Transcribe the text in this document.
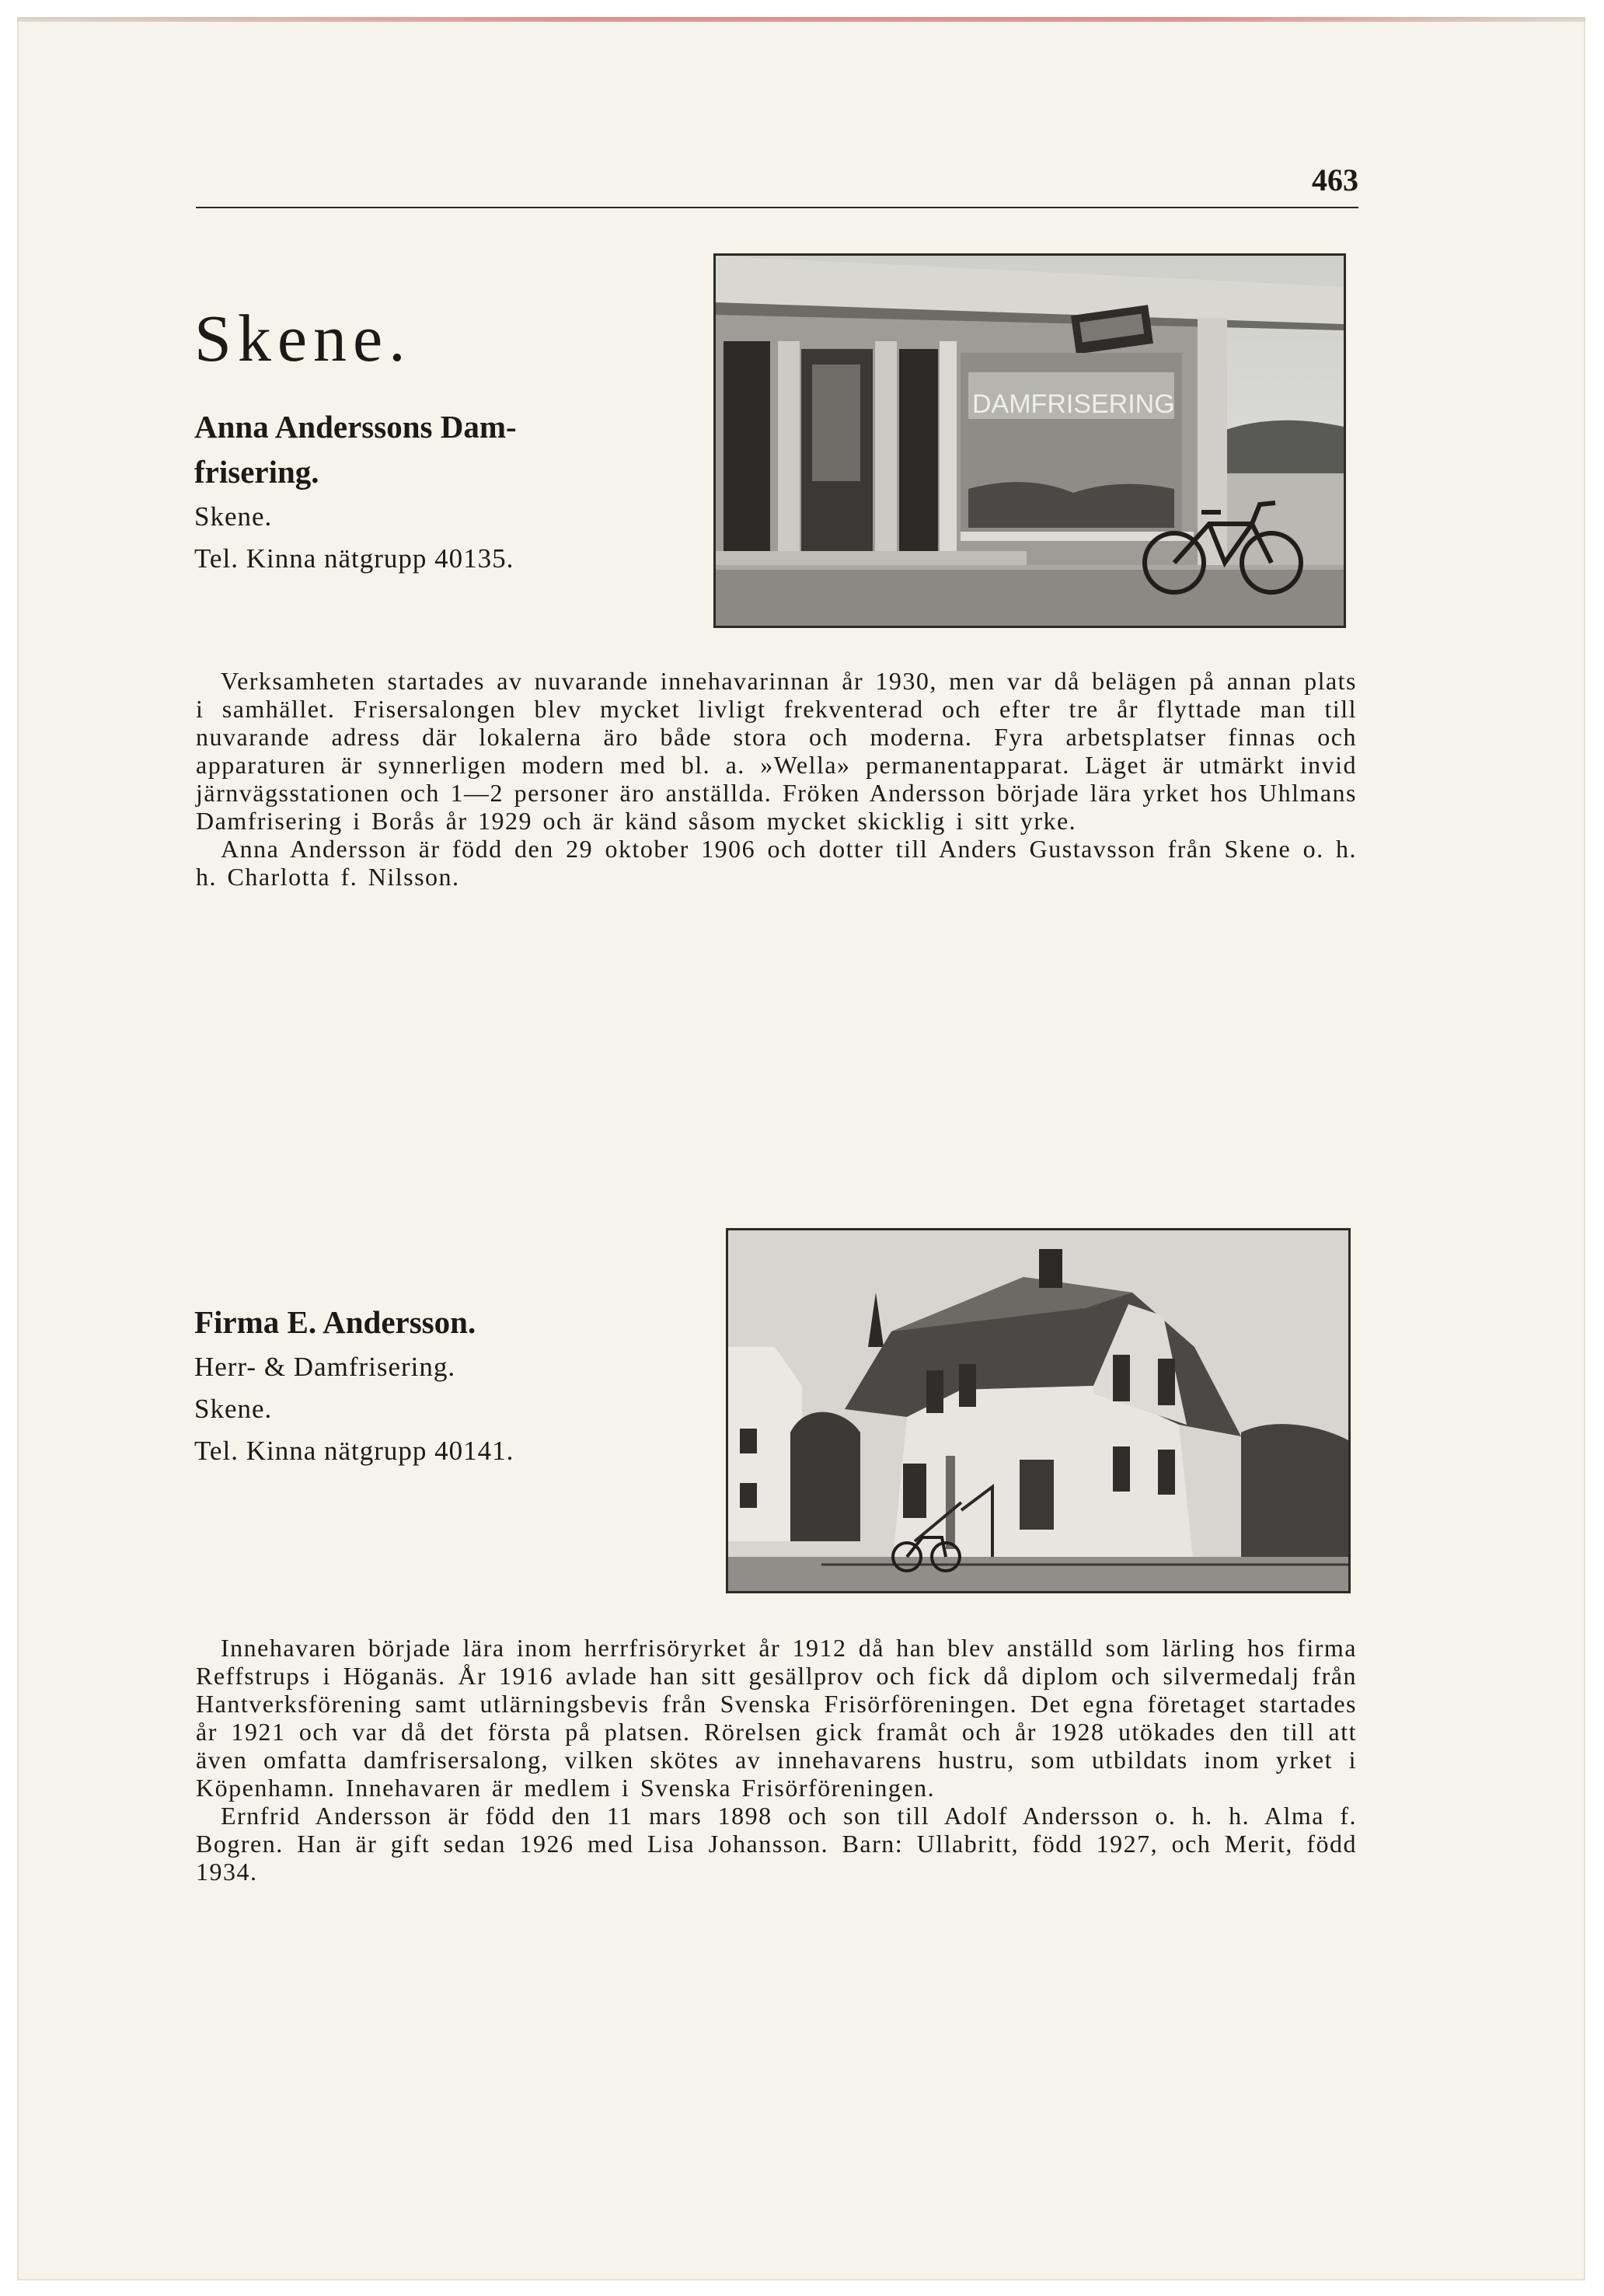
463
Skene.
Anna Anderssons Dam-
frisering.
Skene.
Tel. Kinna nätgrupp 40135.
DAMFRISERING

Verksamheten startades av nuvarande innehavarinnan år 1930, men var då belägen på annan plats i samhället. Frisersalongen blev mycket livligt frekventerad och efter tre år flyttade man till nuvarande adress där lokalerna äro både stora och moderna. Fyra arbetsplatser finnas och apparaturen är synnerligen modern med bl. a. »Wella» permanentapparat. Läget är utmärkt invid järnvägsstationen och 1—2 personer äro anställda. Fröken Andersson började lära yrket hos Uhlmans Damfrisering i Borås år 1929 och är känd såsom mycket skicklig i sitt yrke.

Anna Andersson är född den 29 oktober 1906 och dotter till Anders Gustavsson från Skene o. h. h. Charlotta f. Nilsson.

Firma E. Andersson.
Herr- & Damfrisering.
Skene.
Tel. Kinna nätgrupp 40141.

Innehavaren började lära inom herrfrisöryrket år 1912 då han blev anställd som lärling hos firma Reffstrups i Höganäs. År 1916 avlade han sitt gesällprov och fick då diplom och silvermedalj från Hantverksförening samt utlärningsbevis från Svenska Frisörföreningen. Det egna företaget startades år 1921 och var då det första på platsen. Rörelsen gick framåt och år 1928 utökades den till att även omfatta damfrisersalong, vilken skötes av innehavarens hustru, som utbildats inom yrket i Köpenhamn. Innehavaren är medlem i Svenska Frisörföreningen.

Ernfrid Andersson är född den 11 mars 1898 och son till Adolf Andersson o. h. h. Alma f. Bogren. Han är gift sedan 1926 med Lisa Johansson. Barn: Ullabritt, född 1927, och Merit, född 1934.
